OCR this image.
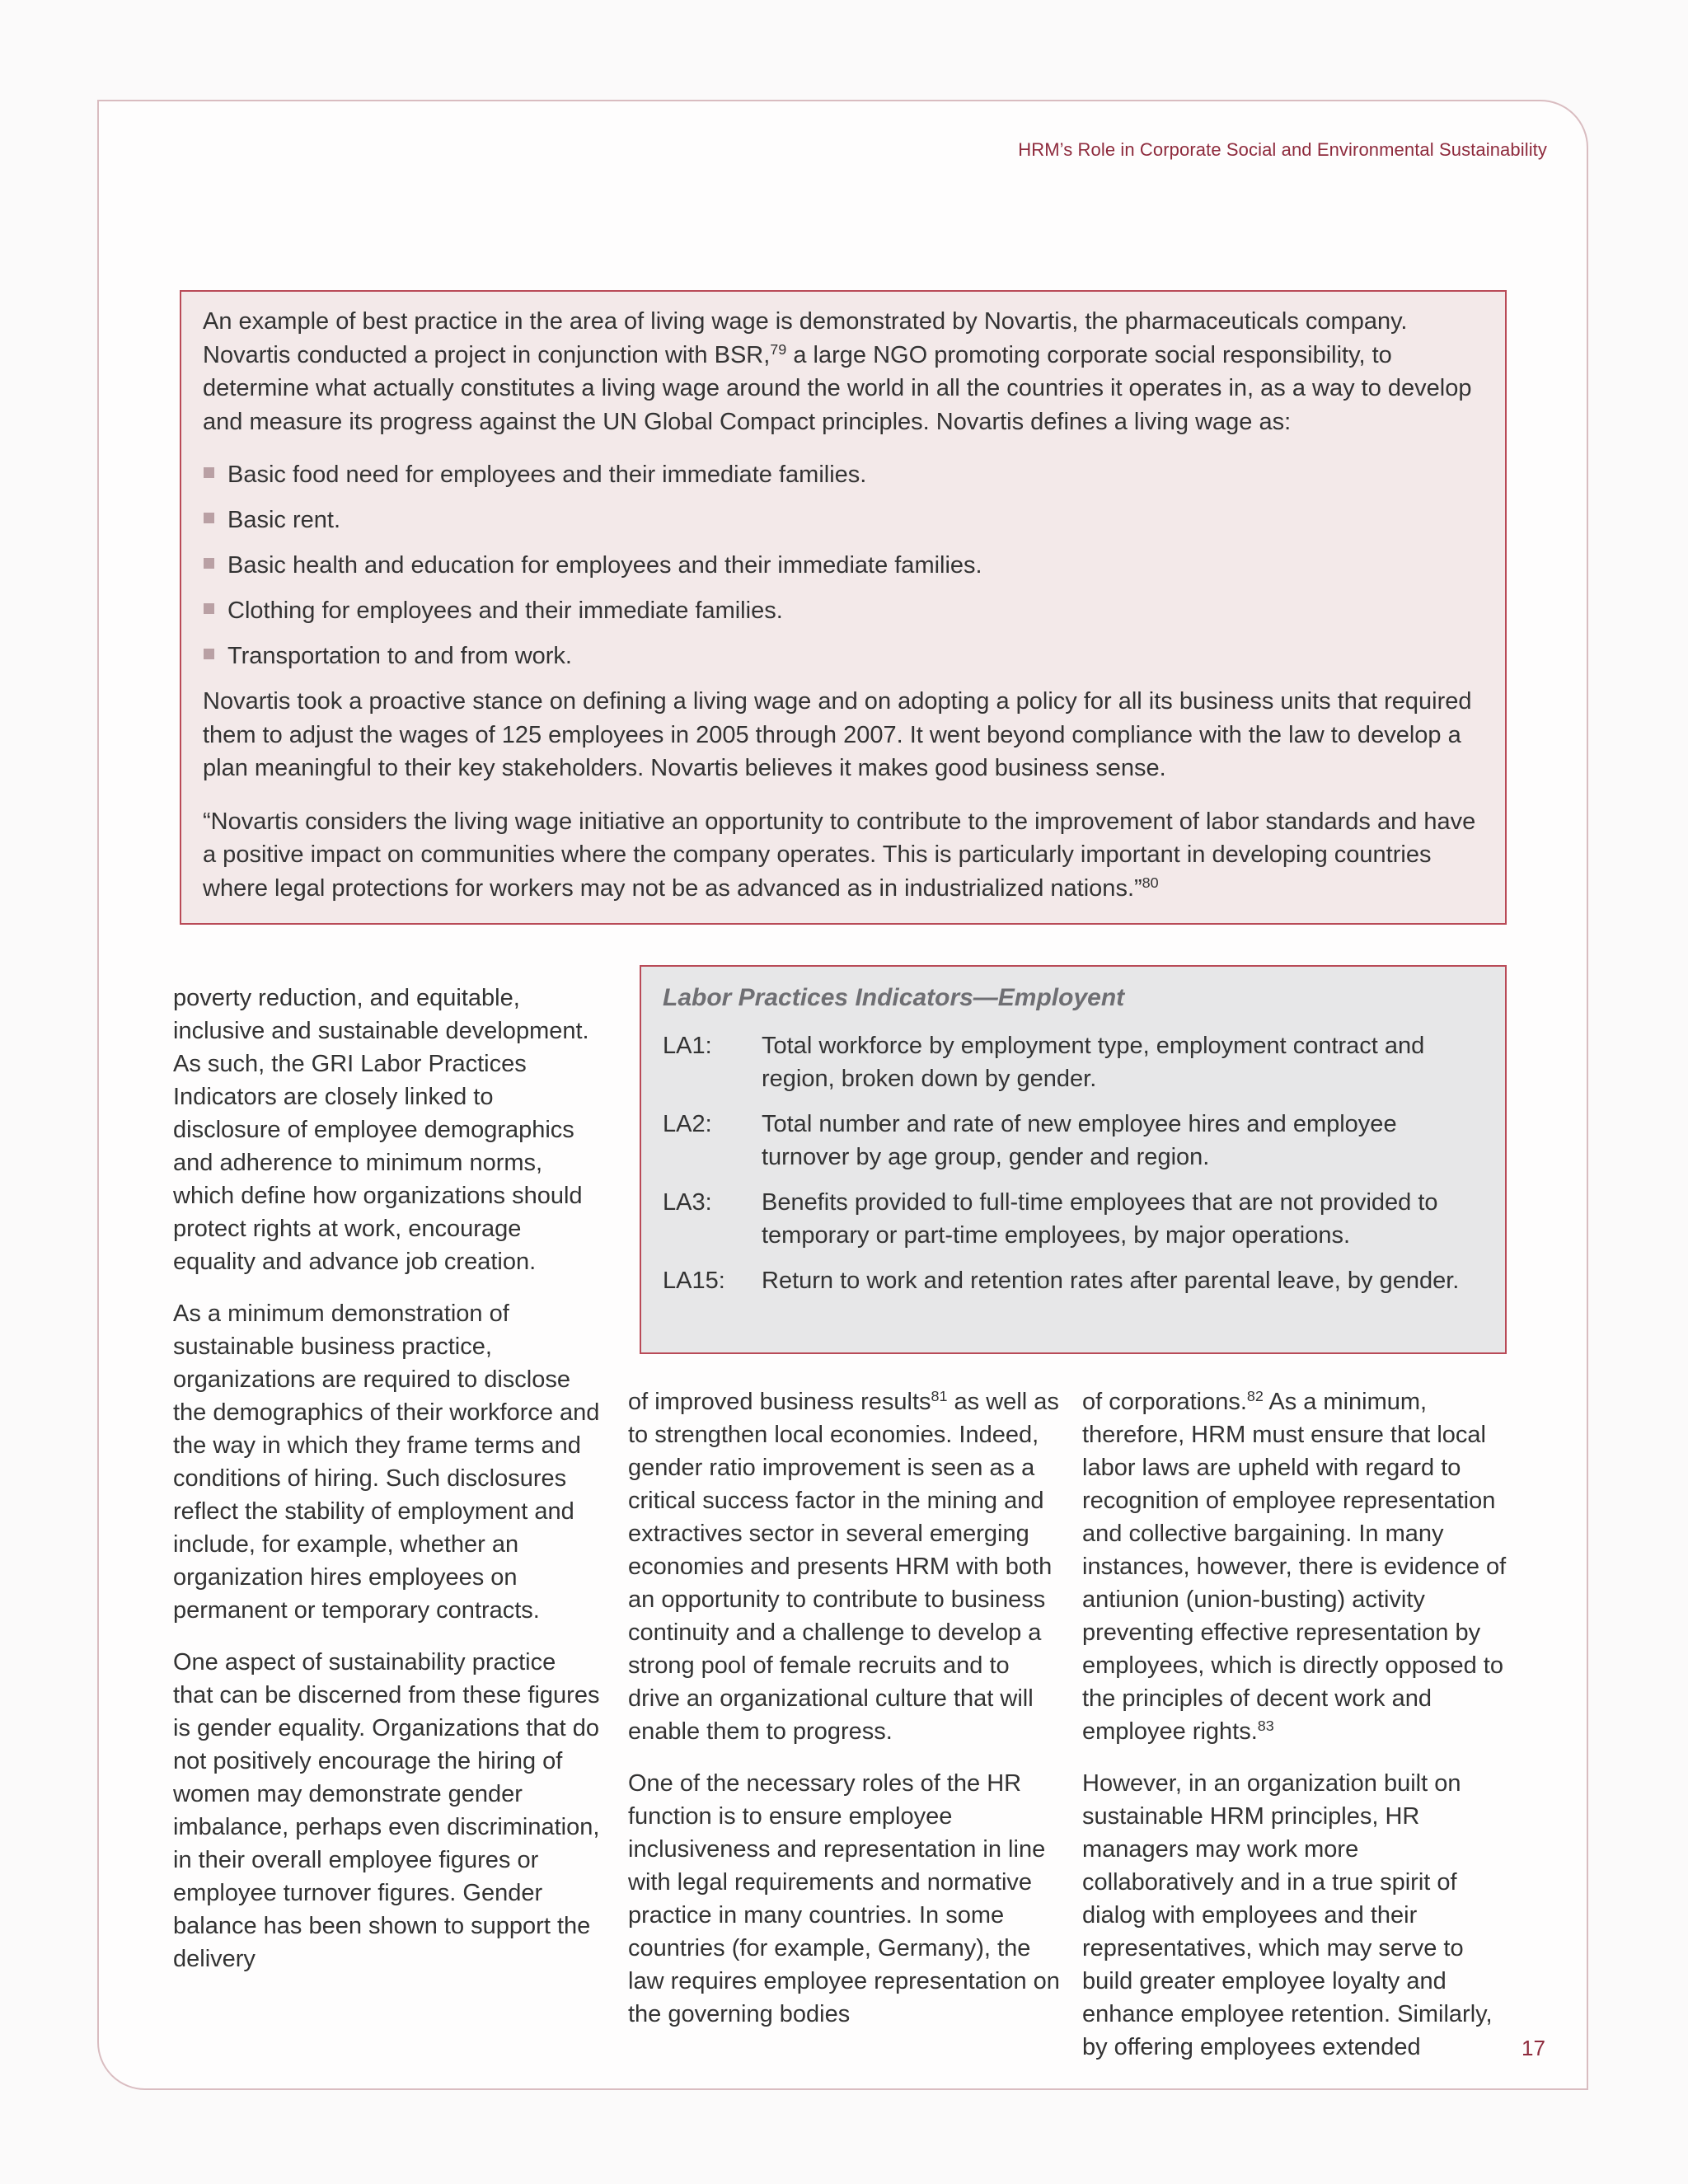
HRM’s Role in Corporate Social and Environmental Sustainability

An example of best practice in the area of living wage is demonstrated by Novartis, the pharmaceuticals company. Novartis conducted a project in conjunction with BSR,$^{79}$ a large NGO promoting corporate social responsibility, to determine what actually constitutes a living wage around the world in all the countries it operates in, as a way to develop and measure its progress against the UN Global Compact principles. Novartis defines a living wage as:

Basic food need for employees and their immediate families.
Basic rent.
Basic health and education for employees and their immediate families.
Clothing for employees and their immediate families.
Transportation to and from work.

Novartis took a proactive stance on defining a living wage and on adopting a policy for all its business units that required them to adjust the wages of 125 employees in 2005 through 2007. It went beyond compliance with the law to develop a plan meaningful to their key stakeholders. Novartis believes it makes good business sense.

“Novartis considers the living wage initiative an opportunity to contribute to the improvement of labor standards and have a positive impact on communities where the company operates. This is particularly important in developing countries where legal protections for workers may not be as advanced as in industrialized nations.”$^{80}$

Labor Practices Indicators—Employent
LA1:	Total workforce by employment type, employment contract and region, broken down by gender.
LA2:	Total number and rate of new employee hires and employee turnover by age group, gender and region.
LA3:	Benefits provided to full-time employees that are not provided to temporary or part-time employees, by major operations.
LA15:	Return to work and retention rates after parental leave, by gender.

poverty reduction, and equitable, inclusive and sustainable development. As such, the GRI Labor Practices Indicators are closely linked to disclosure of employee demographics and adherence to minimum norms, which define how organizations should protect rights at work, encourage equality and advance job creation.

As a minimum demonstration of sustainable business practice, organizations are required to disclose the demographics of their workforce and the way in which they frame terms and conditions of hiring. Such disclosures reflect the stability of employment and include, for example, whether an organization hires employees on permanent or temporary contracts.

One aspect of sustainability practice that can be discerned from these figures is gender equality. Organizations that do not positively encourage the hiring of women may demonstrate gender imbalance, perhaps even discrimination, in their overall employee figures or employee turnover figures. Gender balance has been shown to support the delivery

of improved business results$^{81}$ as well as to strengthen local economies. Indeed, gender ratio improvement is seen as a critical success factor in the mining and extractives sector in several emerging economies and presents HRM with both an opportunity to contribute to business continuity and a challenge to develop a strong pool of female recruits and to drive an organizational culture that will enable them to progress.

One of the necessary roles of the HR function is to ensure employee inclusiveness and representation in line with legal requirements and normative practice in many countries. In some countries (for example, Germany), the law requires employee representation on the governing bodies

of corporations.$^{82}$ As a minimum, therefore, HRM must ensure that local labor laws are upheld with regard to recognition of employee representation and collective bargaining. In many instances, however, there is evidence of antiunion (union-busting) activity preventing effective representation by employees, which is directly opposed to the principles of decent work and employee rights.$^{83}$

However, in an organization built on sustainable HRM principles, HR managers may work more collaboratively and in a true spirit of dialog with employees and their representatives, which may serve to build greater employee loyalty and enhance employee retention. Similarly, by offering employees extended	17
